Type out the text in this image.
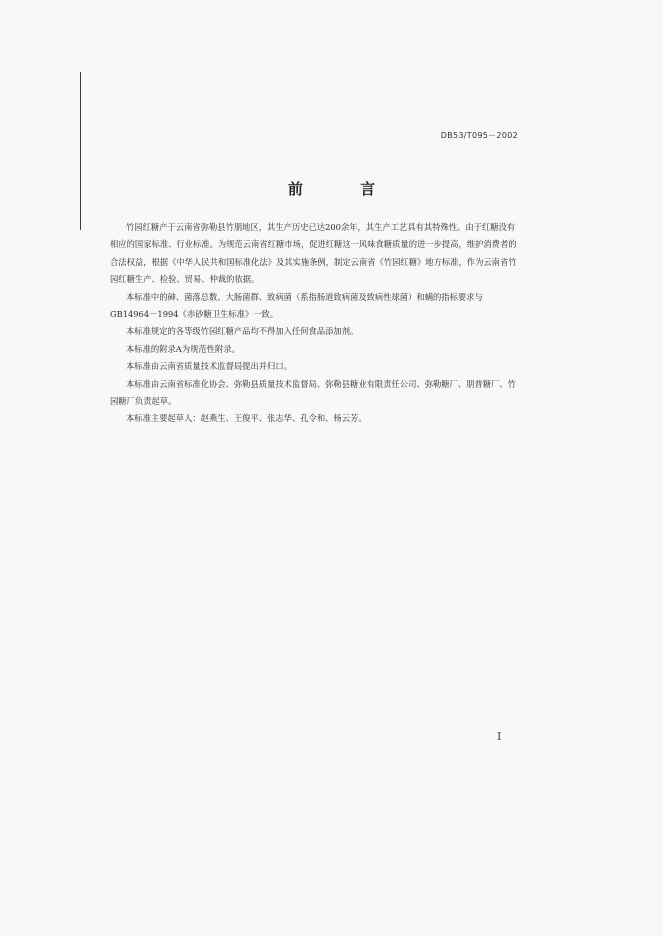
DB53/T095－2002
前 言

竹园红糖产于云南省弥勒县竹朋地区，其生产历史已达200余年，其生产工艺具有其特殊性。由于红糖没有相应的国家标准、行业标准。为规范云南省红糖市场，促进红糖这一风味食糖质量的进一步提高，维护消费者的合法权益，根据《中华人民共和国标准化法》及其实施条例，制定云南省《竹园红糖》地方标准，作为云南省竹园红糖生产、检验、贸易、仲裁的依据。

本标准中的砷、菌落总数、大肠菌群、致病菌（系指肠道致病菌及致病性球菌）和螨的指标要求与GB14964－1994《赤砂糖卫生标准》一致。

本标准规定的各等级竹园红糖产品均不得加入任何食品添加剂。

本标准的附录A为规范性附录。

本标准由云南省质量技术监督局提出并归口。

本标准由云南省标准化协会、弥勒县质量技术监督局、弥勒县糖业有限责任公司、弥勒糖厂、朋普糖厂、竹园糖厂负责起草。

本标准主要起草人：赵燕生、王俊平、张志华、孔令和、杨云芳。

I
